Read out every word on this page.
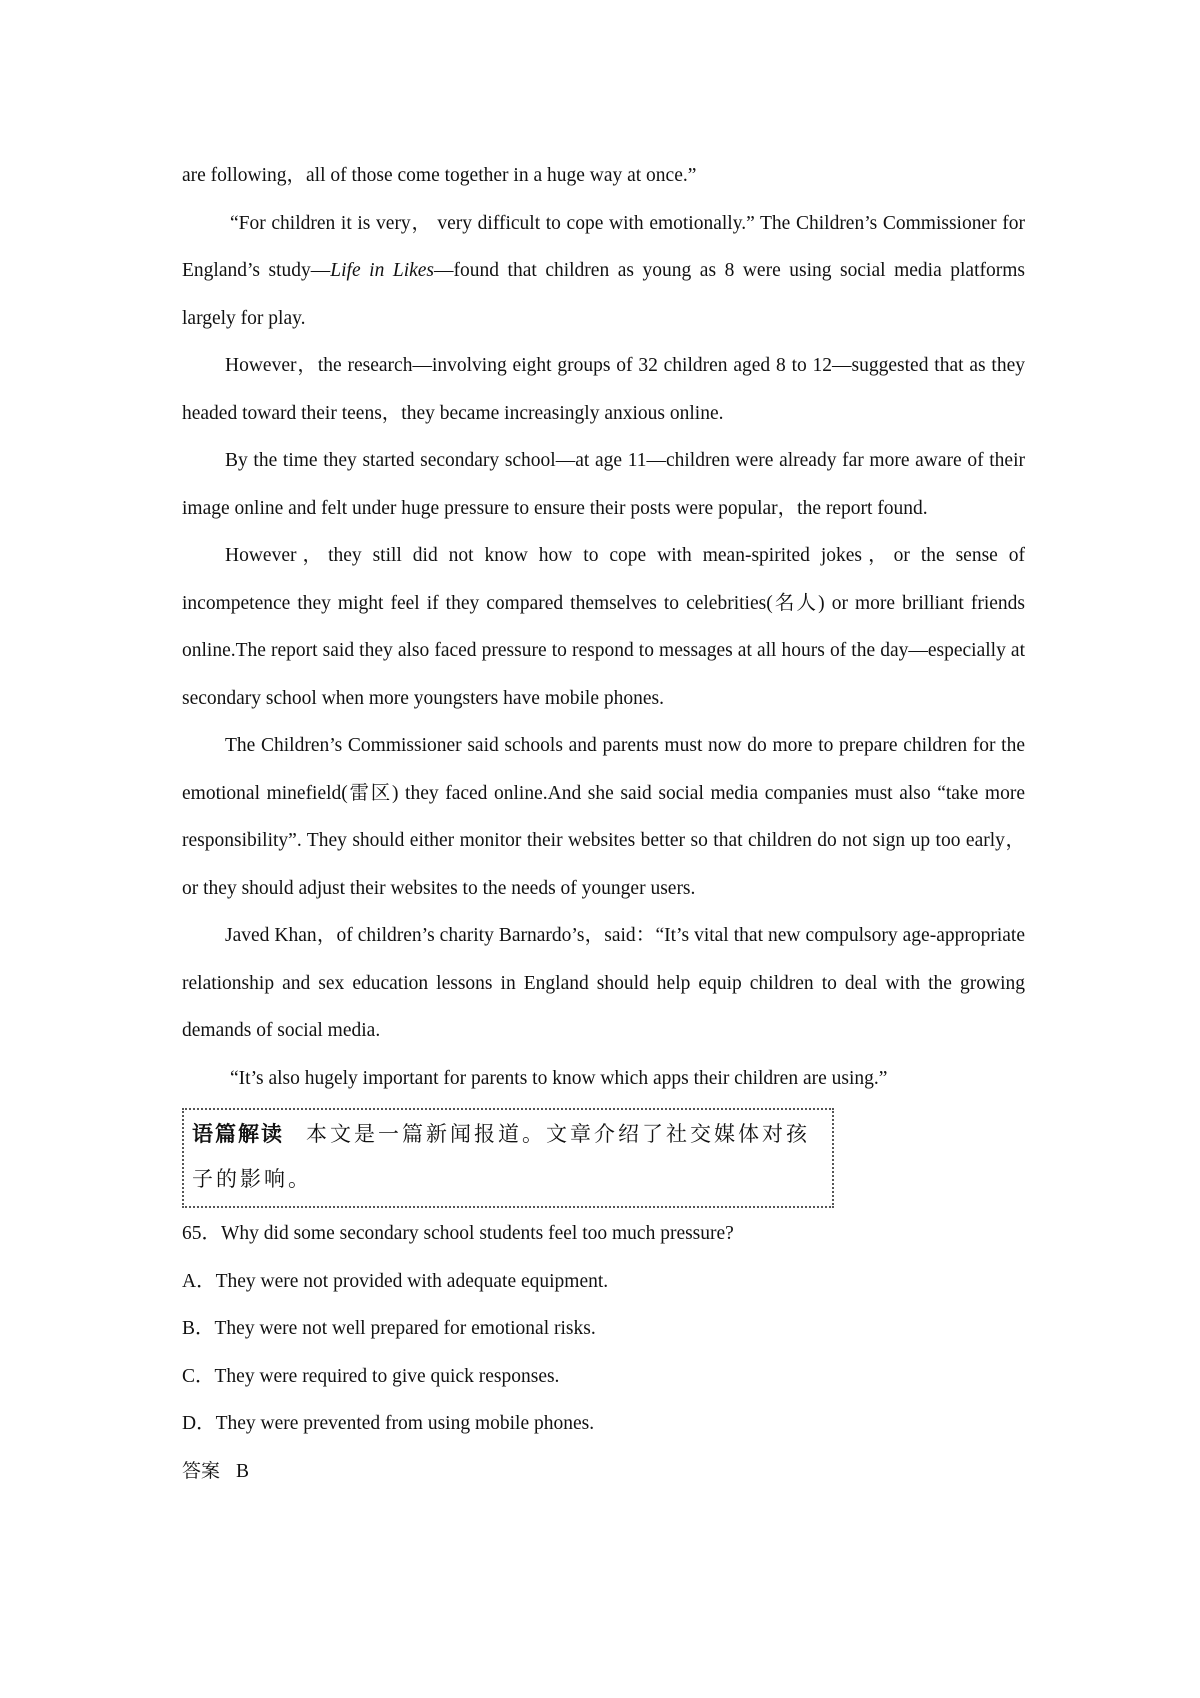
are following，all of those come together in a huge way at once.”

“For children it is very， very difficult to cope with emotionally.” The Children’s Commissioner for England’s study—Life in Likes—found that children as young as 8 were using social media platforms largely for play.

However，the research—involving eight groups of 32 children aged 8 to 12—suggested that as they headed toward their teens，they became increasingly anxious online.

By the time they started secondary school—at age 11—children were already far more aware of their image online and felt under huge pressure to ensure their posts were popular，the report found.

However，they still did not know how to cope with mean-spirited jokes，or the sense of incompetence they might feel if they compared themselves to celebrities(名人) or more brilliant friends online.The report said they also faced pressure to respond to messages at all hours of the day—especially at secondary school when more youngsters have mobile phones.

The Children’s Commissioner said schools and parents must now do more to prepare children for the emotional minefield(雷区) they faced online.And she said social media companies must also “take more responsibility”. They should either monitor their websites better so that children do not sign up too early，or they should adjust their websites to the needs of younger users.

Javed Khan，of children’s charity Barnardo’s，said：“It’s vital that new compulsory age-appropriate relationship and sex education lessons in England should help equip children to deal with the growing demands of social media.

“It’s also hugely important for parents to know which apps their children are using.”

语篇解读 本文是一篇新闻报道。文章介绍了社交媒体对孩子的影响。

65．Why did some secondary school students feel too much pressure?

A．They were not provided with adequate equipment.

B．They were not well prepared for emotional risks.

C．They were required to give quick responses.

D．They were prevented from using mobile phones.

答案 B
